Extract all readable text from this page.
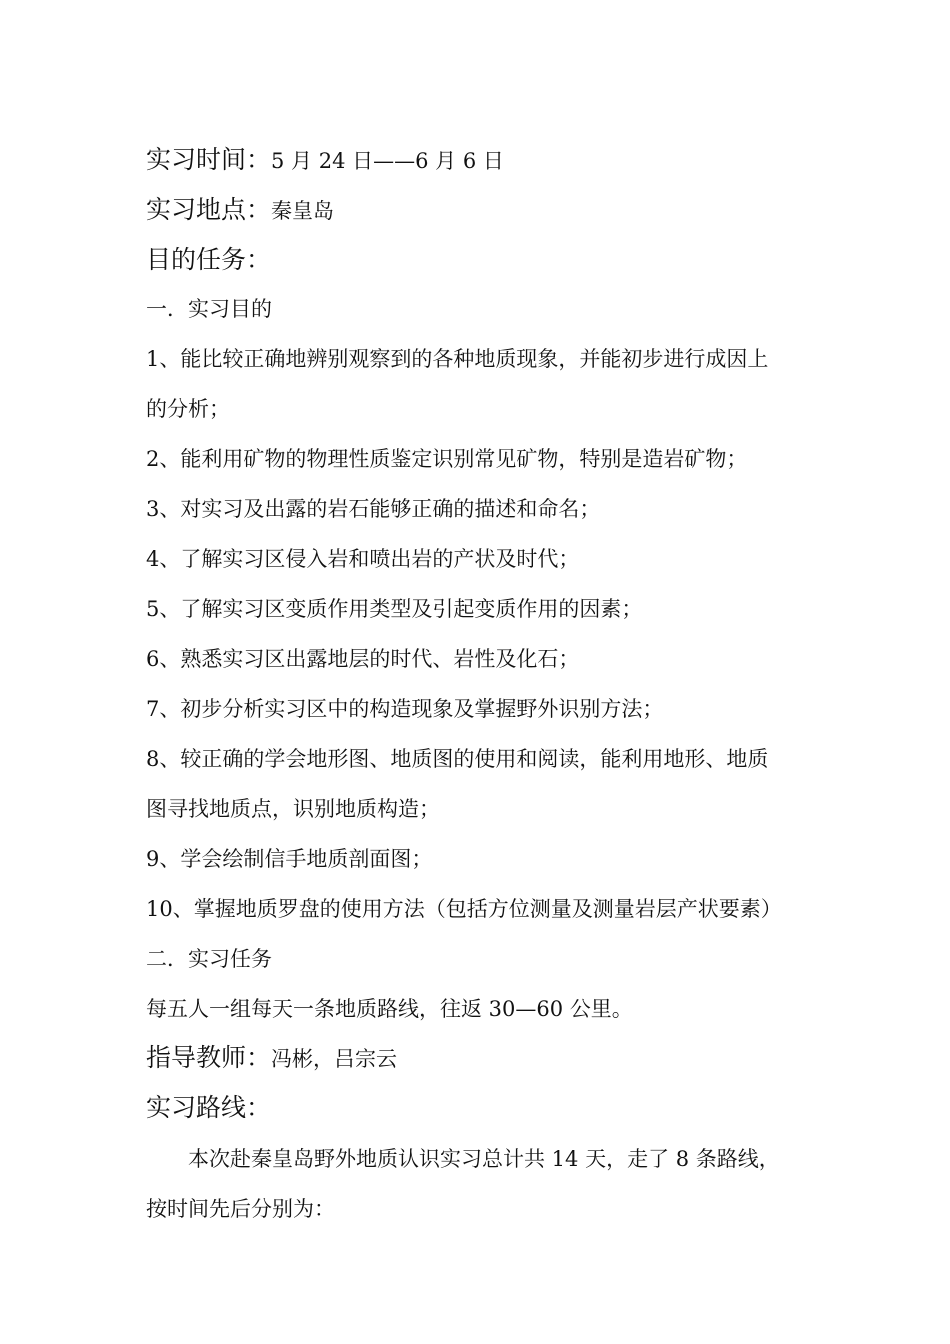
实习时间：5 月 24 日——6 月 6 日
实习地点：秦皇岛
目的任务：
一．实习目的
1、能比较正确地辨别观察到的各种地质现象，并能初步进行成因上
的分析；
2、能利用矿物的物理性质鉴定识别常见矿物，特别是造岩矿物；
3、对实习及出露的岩石能够正确的描述和命名；
4、了解实习区侵入岩和喷出岩的产状及时代；
5、了解实习区变质作用类型及引起变质作用的因素；
6、熟悉实习区出露地层的时代、岩性及化石；
7、初步分析实习区中的构造现象及掌握野外识别方法；
8、较正确的学会地形图、地质图的使用和阅读，能利用地形、地质
图寻找地质点，识别地质构造；
9、学会绘制信手地质剖面图；
10、掌握地质罗盘的使用方法（包括方位测量及测量岩层产状要素）
二．实习任务
每五人一组每天一条地质路线，往返 30—60 公里。
指导教师：冯彬，吕宗云
实习路线：
本次赴秦皇岛野外地质认识实习总计共 14 天，走了 8 条路线，
按时间先后分别为：
